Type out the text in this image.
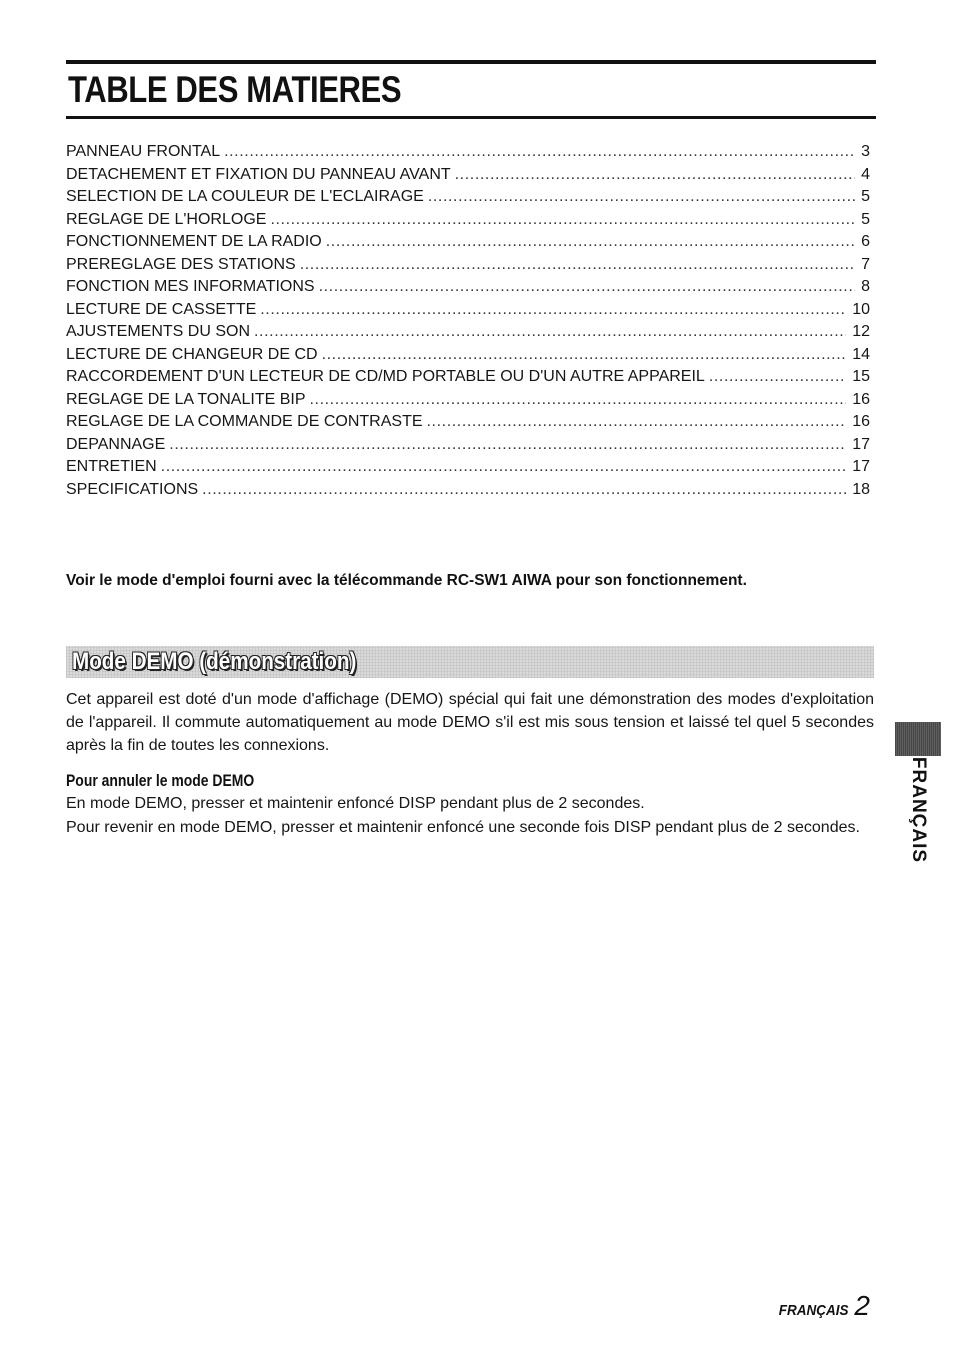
TABLE DES MATIERES
PANNEAU FRONTAL .....	3
DETACHEMENT ET FIXATION DU PANNEAU AVANT .....	4
SELECTION DE LA COULEUR DE L'ECLAIRAGE .....	5
REGLAGE DE L'HORLOGE .....	5
FONCTIONNEMENT DE LA RADIO .....	6
PREREGLAGE DES STATIONS .....	7
FONCTION MES INFORMATIONS .....	8
LECTURE DE CASSETTE .....	10
AJUSTEMENTS DU SON .....	12
LECTURE DE CHANGEUR DE CD .....	14
RACCORDEMENT D'UN LECTEUR DE CD/MD PORTABLE OU D'UN AUTRE APPAREIL .....	15
REGLAGE DE LA TONALITE BIP .....	16
REGLAGE DE LA COMMANDE DE CONTRASTE .....	16
DEPANNAGE .....	17
ENTRETIEN .....	17
SPECIFICATIONS .....	18

Voir le mode d'emploi fourni avec la télécommande RC-SW1 AIWA pour son fonctionnement.

Mode DEMO (démonstration)

Cet appareil est doté d'un mode d'affichage (DEMO) spécial qui fait une démonstration des modes d'exploitation de l'appareil. Il commute automatiquement au mode DEMO s'il est mis sous tension et laissé tel quel 5 secondes après la fin de toutes les connexions.

Pour annuler le mode DEMO

En mode DEMO, presser et maintenir enfoncé DISP pendant plus de 2 secondes.

Pour revenir en mode DEMO, presser et maintenir enfoncé une seconde fois DISP pendant plus de 2 secondes.	FRANÇAIS

FRANÇAIS 2
